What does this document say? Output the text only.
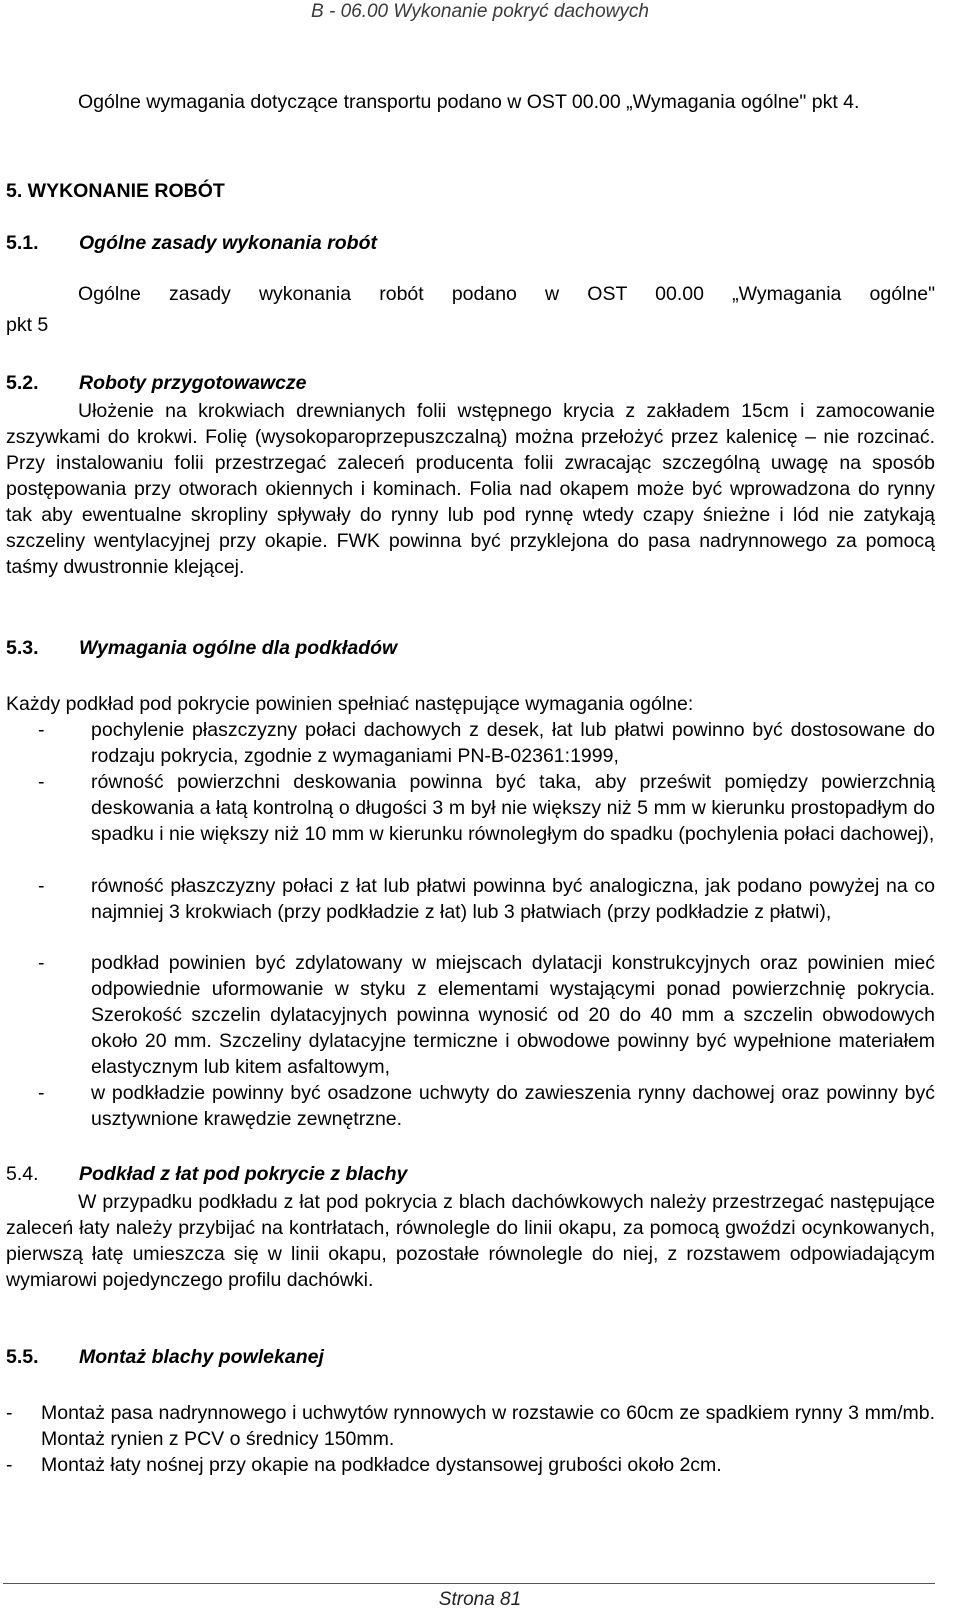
B - 06.00 Wykonanie pokryć dachowych
Ogólne wymagania dotyczące transportu podano w OST 00.00 „Wymagania ogólne" pkt 4.
5. WYKONANIE ROBÓT
5.1. Ogólne zasady wykonania robót
Ogólne zasady wykonania robót podano w OST 00.00 „Wymagania ogólne"
pkt 5
5.2. Roboty przygotowawcze
Ułożenie na krokwiach drewnianych folii wstępnego krycia z zakładem 15cm i zamocowanie zszywkami do krokwi. Folię (wysokoparoprzepuszczalną) można przełożyć przez kalenicę – nie rozcinać. Przy instalowaniu folii przestrzegać zaleceń producenta folii zwracając szczególną uwagę na sposób postępowania przy otworach okiennych i kominach. Folia nad okapem może być wprowadzona do rynny tak aby ewentualne skropliny spływały do rynny lub pod rynnę wtedy czapy śnieżne i lód nie zatykają szczeliny wentylacyjnej przy okapie. FWK powinna być przyklejona do pasa nadrynnowego za pomocą taśmy dwustronnie klejącej.
5.3. Wymagania ogólne dla podkładów
Każdy podkład pod pokrycie powinien spełniać następujące wymagania ogólne:
- pochylenie płaszczyzny połaci dachowych z desek, łat lub płatwi powinno być dostosowane do rodzaju pokrycia, zgodnie z wymaganiami PN-B-02361:1999,
- równość powierzchni deskowania powinna być taka, aby prześwit pomiędzy powierzchnią deskowania a łatą kontrolną o długości 3 m był nie większy niż 5 mm w kierunku prostopadłym do spadku i nie większy niż 10 mm w kierunku równoległym do spadku (pochylenia połaci dachowej),
- równość płaszczyzny połaci z łat lub płatwi powinna być analogiczna, jak podano powyżej na co najmniej 3 krokwiach (przy podkładzie z łat) lub 3 płatwiach (przy podkładzie z płatwi),
- podkład powinien być zdylatowany w miejscach dylatacji konstrukcyjnych oraz powinien mieć odpowiednie uformowanie w styku z elementami wystającymi ponad powierzchnię pokrycia. Szerokość szczelin dylatacyjnych powinna wynosić od 20 do 40 mm a szczelin obwodowych około 20 mm. Szczeliny dylatacyjne termiczne i obwodowe powinny być wypełnione materiałem elastycznym lub kitem asfaltowym,
- w podkładzie powinny być osadzone uchwyty do zawieszenia rynny dachowej oraz powinny być usztywnione krawędzie zewnętrzne.
5.4. Podkład z łat pod pokrycie z blachy
W przypadku podkładu z łat pod pokrycia z blach dachówkowych należy przestrzegać następujące zaleceń łaty należy przybijać na kontrłatach, równolegle do linii okapu, za pomocą gwoździ ocynkowanych, pierwszą łatę umieszcza się w linii okapu, pozostałe równolegle do niej, z rozstawem odpowiadającym wymiarowi pojedynczego profilu dachówki.
5.5. Montaż blachy powlekanej
- Montaż pasa nadrynnowego i uchwytów rynnowych w rozstawie co 60cm ze spadkiem rynny 3 mm/mb. Montaż rynien z PCV o średnicy 150mm.
- Montaż łaty nośnej przy okapie na podkładce dystansowej grubości około 2cm.
Strona 81
